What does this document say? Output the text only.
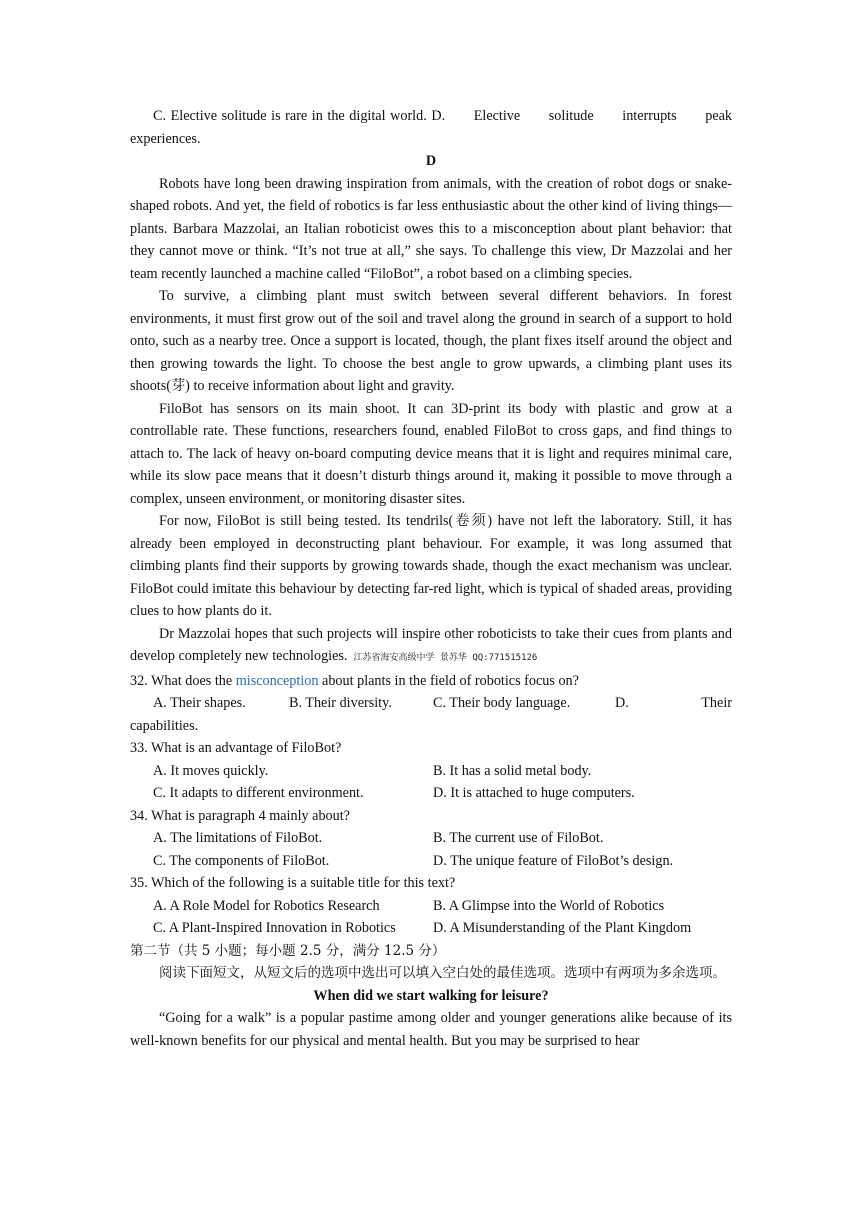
C. Elective solitude is rare in the digital world. D. Elective solitude interrupts peak
experiences.
D

Robots have long been drawing inspiration from animals, with the creation of robot dogs or snake-shaped robots. And yet, the field of robotics is far less enthusiastic about the other kind of living things—plants. Barbara Mazzolai, an Italian roboticist owes this to a misconception about plant behavior: that they cannot move or think. “It’s not true at all,” she says. To challenge this view, Dr Mazzolai and her team recently launched a machine called “FiloBot”, a robot based on a climbing species.

To survive, a climbing plant must switch between several different behaviors. In forest environments, it must first grow out of the soil and travel along the ground in search of a support to hold onto, such as a nearby tree. Once a support is located, though, the plant fixes itself around the object and then growing towards the light. To choose the best angle to grow upwards, a climbing plant uses its shoots(芽) to receive information about light and gravity.

FiloBot has sensors on its main shoot. It can 3D-print its body with plastic and grow at a controllable rate. These functions, researchers found, enabled FiloBot to cross gaps, and find things to attach to. The lack of heavy on-board computing device means that it is light and requires minimal care, while its slow pace means that it doesn’t disturb things around it, making it possible to move through a complex, unseen environment, or monitoring disaster sites.

For now, FiloBot is still being tested. Its tendrils(卷须) have not left the laboratory. Still, it has already been employed in deconstructing plant behaviour. For example, it was long assumed that climbing plants find their supports by growing towards shade, though the exact mechanism was unclear. FiloBot could imitate this behaviour by detecting far-red light, which is typical of shaded areas, providing clues to how plants do it.

Dr Mazzolai hopes that such projects will inspire other roboticists to take their cues from plants and develop completely new technologies. 江苏省海安高级中学 景苏华 QQ:771515126

32. What does the misconception about plants in the field of robotics focus on?
A. Their shapes.	B. Their diversity.	C. Their body language.	D.	Their
capabilities.
33. What is an advantage of FiloBot?
A. It moves quickly.	B. It has a solid metal body.
C. It adapts to different environment.	D. It is attached to huge computers.
34. What is paragraph 4 mainly about?
A. The limitations of FiloBot.	B. The current use of FiloBot.
C. The components of FiloBot.	D. The unique feature of FiloBot’s design.
35. Which of the following is a suitable title for this text?
A. A Role Model for Robotics Research	B. A Glimpse into the World of Robotics
C. A Plant-Inspired Innovation in Robotics	D. A Misunderstanding of the Plant Kingdom
第二节（共 5 小题；每小题 2.5 分，满分 12.5 分）

阅读下面短文，从短文后的选项中选出可以填入空白处的最佳选项。选项中有两项为多余选项。

When did we start walking for leisure?

“Going for a walk” is a popular pastime among older and younger generations alike because of its well-known benefits for our physical and mental health. But you may be surprised to hear
